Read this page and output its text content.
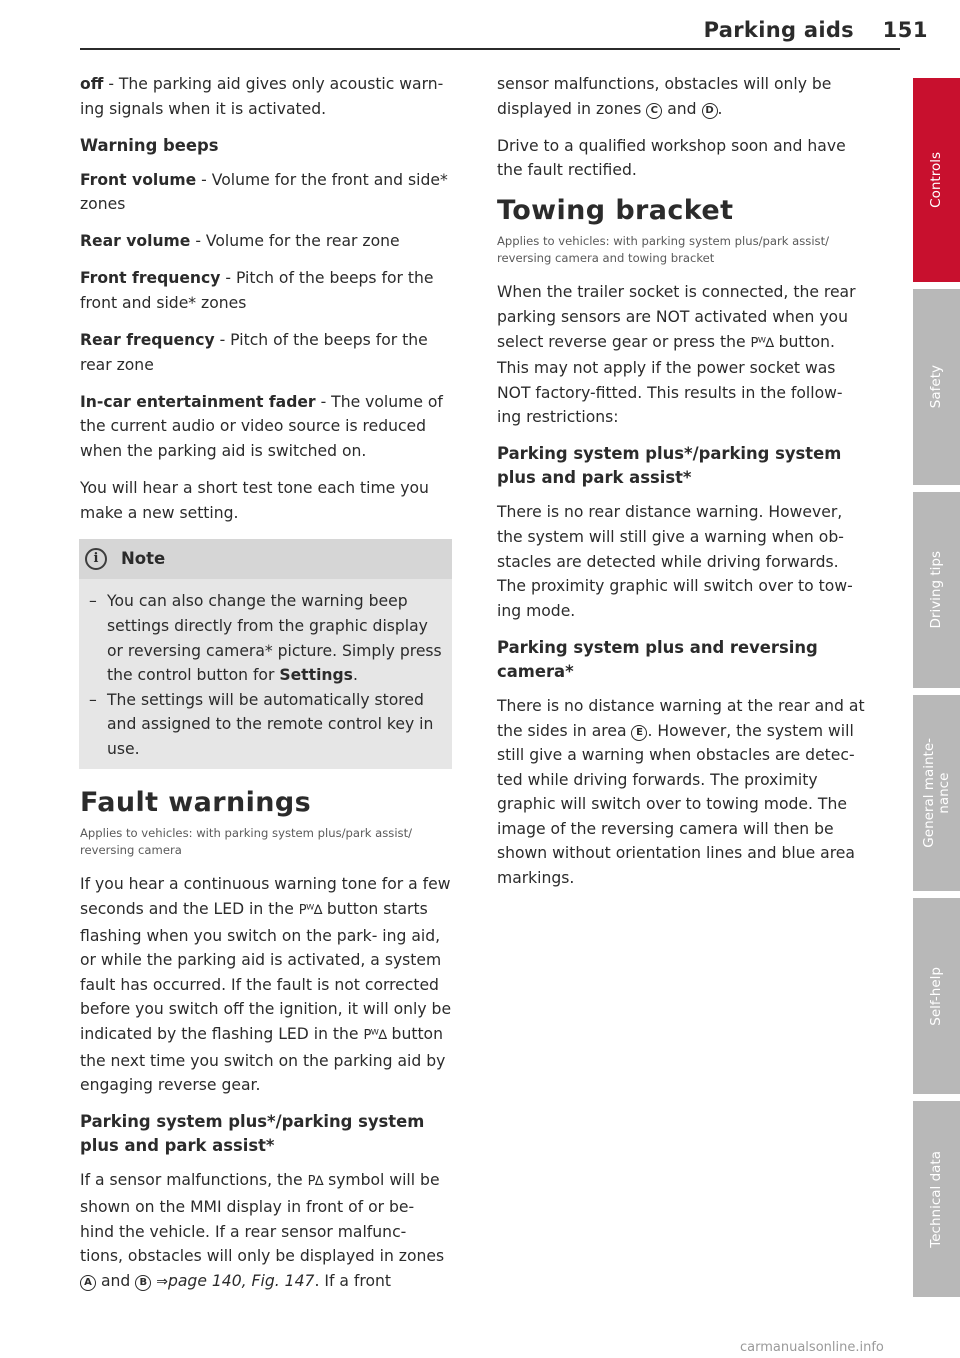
Parking aids 151

off - The parking aid gives only acoustic warn- ing signals when it is activated.

Warning beeps

Front volume - Volume for the front and side* zones

Rear volume - Volume for the rear zone

Front frequency - Pitch of the beeps for the front and side* zones

Rear frequency - Pitch of the beeps for the rear zone

In-car entertainment fader - The volume of the current audio or video source is reduced when the parking aid is switched on.

You will hear a short test tone each time you make a new setting.

i	Note
– You can also change the warning beep settings directly from the graphic display or reversing camera* picture. Simply press the control button for Settings.
– The settings will be automatically stored and assigned to the remote control key in use.
Fault warnings
Applies to vehicles: with parking system plus/park assist/ reversing camera

If you hear a continuous warning tone for a few seconds and the LED in the Pᵂ∆ button starts flashing when you switch on the park- ing aid, or while the parking aid is activated, a system fault has occurred. If the fault is not corrected before you switch off the ignition, it will only be indicated by the flashing LED in the Pᵂ∆ button the next time you switch on the parking aid by engaging reverse gear.

Parking system plus*/parking system plus and park assist*

If a sensor malfunctions, the P∆ symbol will be shown on the MMI display in front of or be- hind the vehicle. If a rear sensor malfunc- tions, obstacles will only be displayed in zones A and B ⇒page 140, Fig. 147. If a front

sensor malfunctions, obstacles will only be displayed in zones C and D .

Drive to a qualified workshop soon and have the fault rectified.

Towing bracket
Applies to vehicles: with parking system plus/park assist/ reversing camera and towing bracket

When the trailer socket is connected, the rear parking sensors are NOT activated when you select reverse gear or press the Pᵂ∆ button. This may not apply if the power socket was NOT factory-fitted. This results in the follow- ing restrictions:

Parking system plus*/parking system plus and park assist*

There is no rear distance warning. However, the system will still give a warning when ob- stacles are detected while driving forwards. The proximity graphic will switch over to tow- ing mode.

Parking system plus and reversing camera*

There is no distance warning at the rear and at the sides in area E . However, the system will still give a warning when obstacles are detec- ted while driving forwards. The proximity graphic will switch over to towing mode. The image of the reversing camera will then be shown without orientation lines and blue area markings.

Controls
Safety
Driving tips
General mainte-
nance
Self-help
Technical data
carmanualsonline.info
